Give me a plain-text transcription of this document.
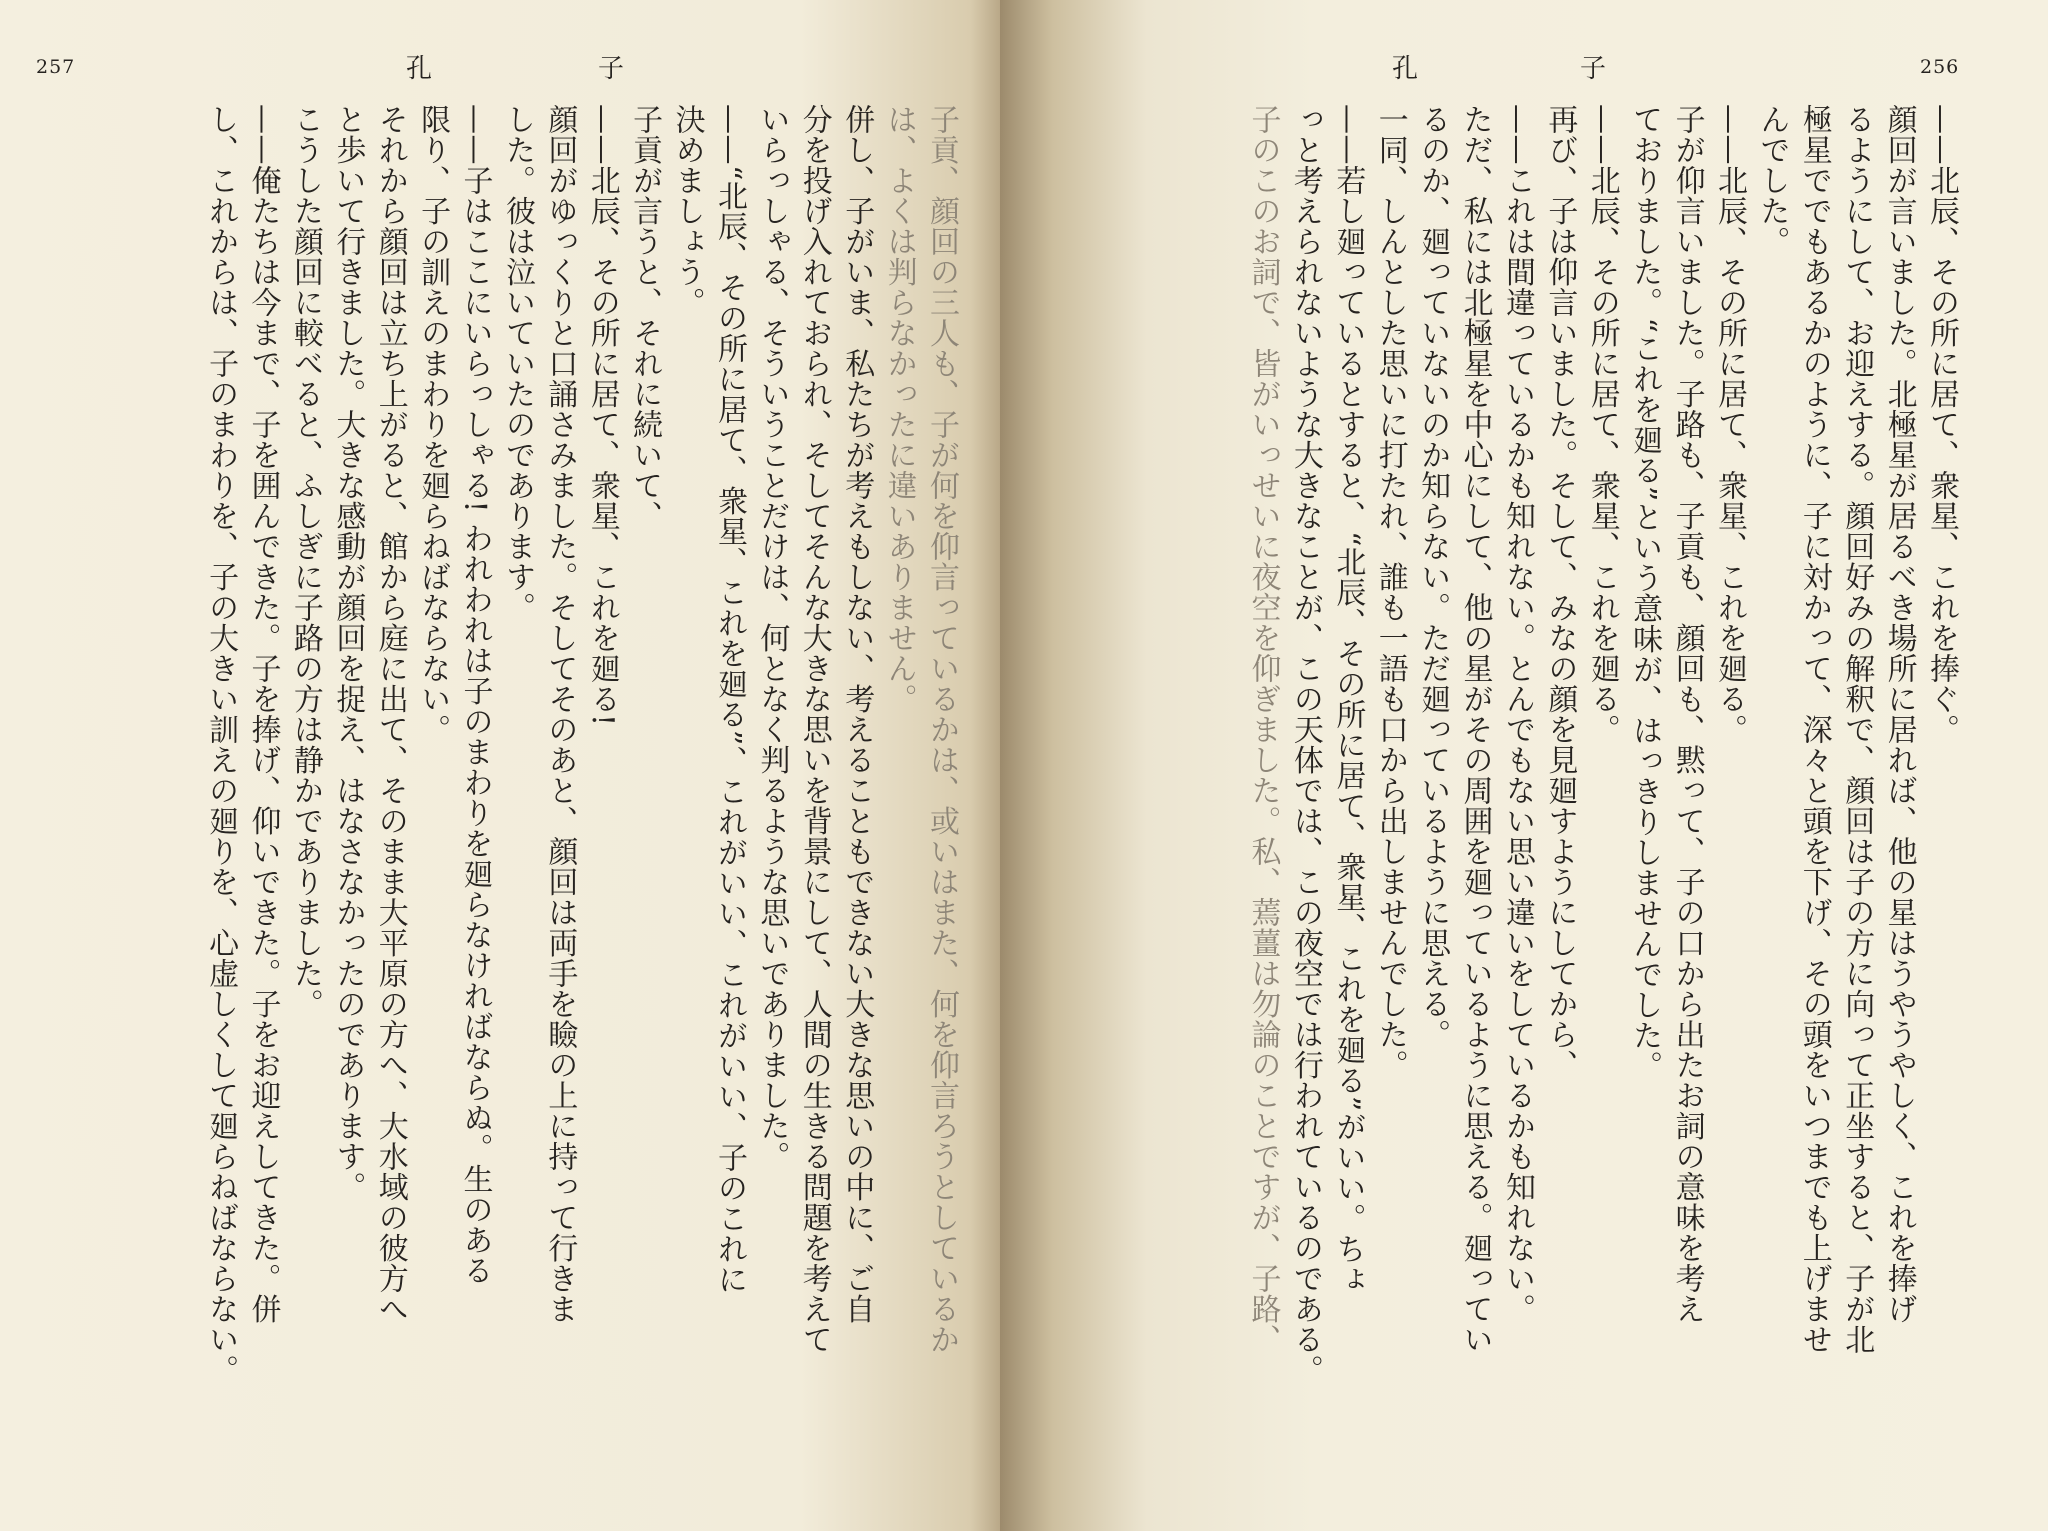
257	孔	子
子貢、顔回の三人も、子が何を仰言っているかは、或いはまた、何を仰言ろうとしているか
は、よくは判らなかったに違いありません。
併し、子がいま、私たちが考えもしない、考えることもできない大きな思いの中に、ご自
分を投げ入れておられ、そしてそんな大きな思いを背景にして、人間の生きる問題を考えて
いらっしゃる、そういうことだけは、何となく判るような思いでありました。
——“北辰、その所に居て、衆星、これを廻る”、これがいい、これがいい、子のこれに
決めましょう。
子貢が言うと、それに続いて、
——北辰、その所に居て、衆星、これを廻る!
顔回がゆっくりと口誦さみました。そしてそのあと、顔回は両手を瞼の上に持って行きま
した。彼は泣いていたのであります。
——子はここにいらっしゃる! われわれは子のまわりを廻らなければならぬ。生のある
限り、子の訓えのまわりを廻らねばならない。
それから顔回は立ち上がると、館から庭に出て、そのまま大平原の方へ、大水域の彼方へ
と歩いて行きました。大きな感動が顔回を捉え、はなさなかったのであります。
こうした顔回に較べると、ふしぎに子路の方は静かでありました。
——俺たちは今まで、子を囲んできた。子を捧げ、仰いできた。子をお迎えしてきた。併
し、これからは、子のまわりを、子の大きい訓えの廻りを、心虚しくして廻らねばならない。
256
孔	子
——北辰、その所に居て、衆星、これを捧ぐ。
顔回が言いました。北極星が居るべき場所に居れば、他の星はうやうやしく、これを捧げ
るようにして、お迎えする。顔回好みの解釈で、顔回は子の方に向って正坐すると、子が北
極星ででもあるかのように、子に対かって、深々と頭を下げ、その頭をいつまでも上げませ
んでした。
——北辰、その所に居て、衆星、これを廻る。
子が仰言いました。子路も、子貢も、顔回も、黙って、子の口から出たお詞の意味を考え
ておりました。“これを廻る”という意味が、はっきりしませんでした。
——北辰、その所に居て、衆星、これを廻る。
再び、子は仰言いました。そして、みなの顔を見廻すようにしてから、
——これは間違っているかも知れない。とんでもない思い違いをしているかも知れない。
ただ、私には北極星を中心にして、他の星がその周囲を廻っているように思える。廻ってい
るのか、廻っていないのか知らない。ただ廻っているように思える。
一同、しんとした思いに打たれ、誰も一語も口から出しませんでした。
——若し廻っているとすると、“北辰、その所に居て、衆星、これを廻る”がいい。ちょ
っと考えられないような大きなことが、この天体では、この夜空では行われているのである。
子のこのお詞で、皆がいっせいに夜空を仰ぎました。私、蔫薑は勿論のことですが、子路、
